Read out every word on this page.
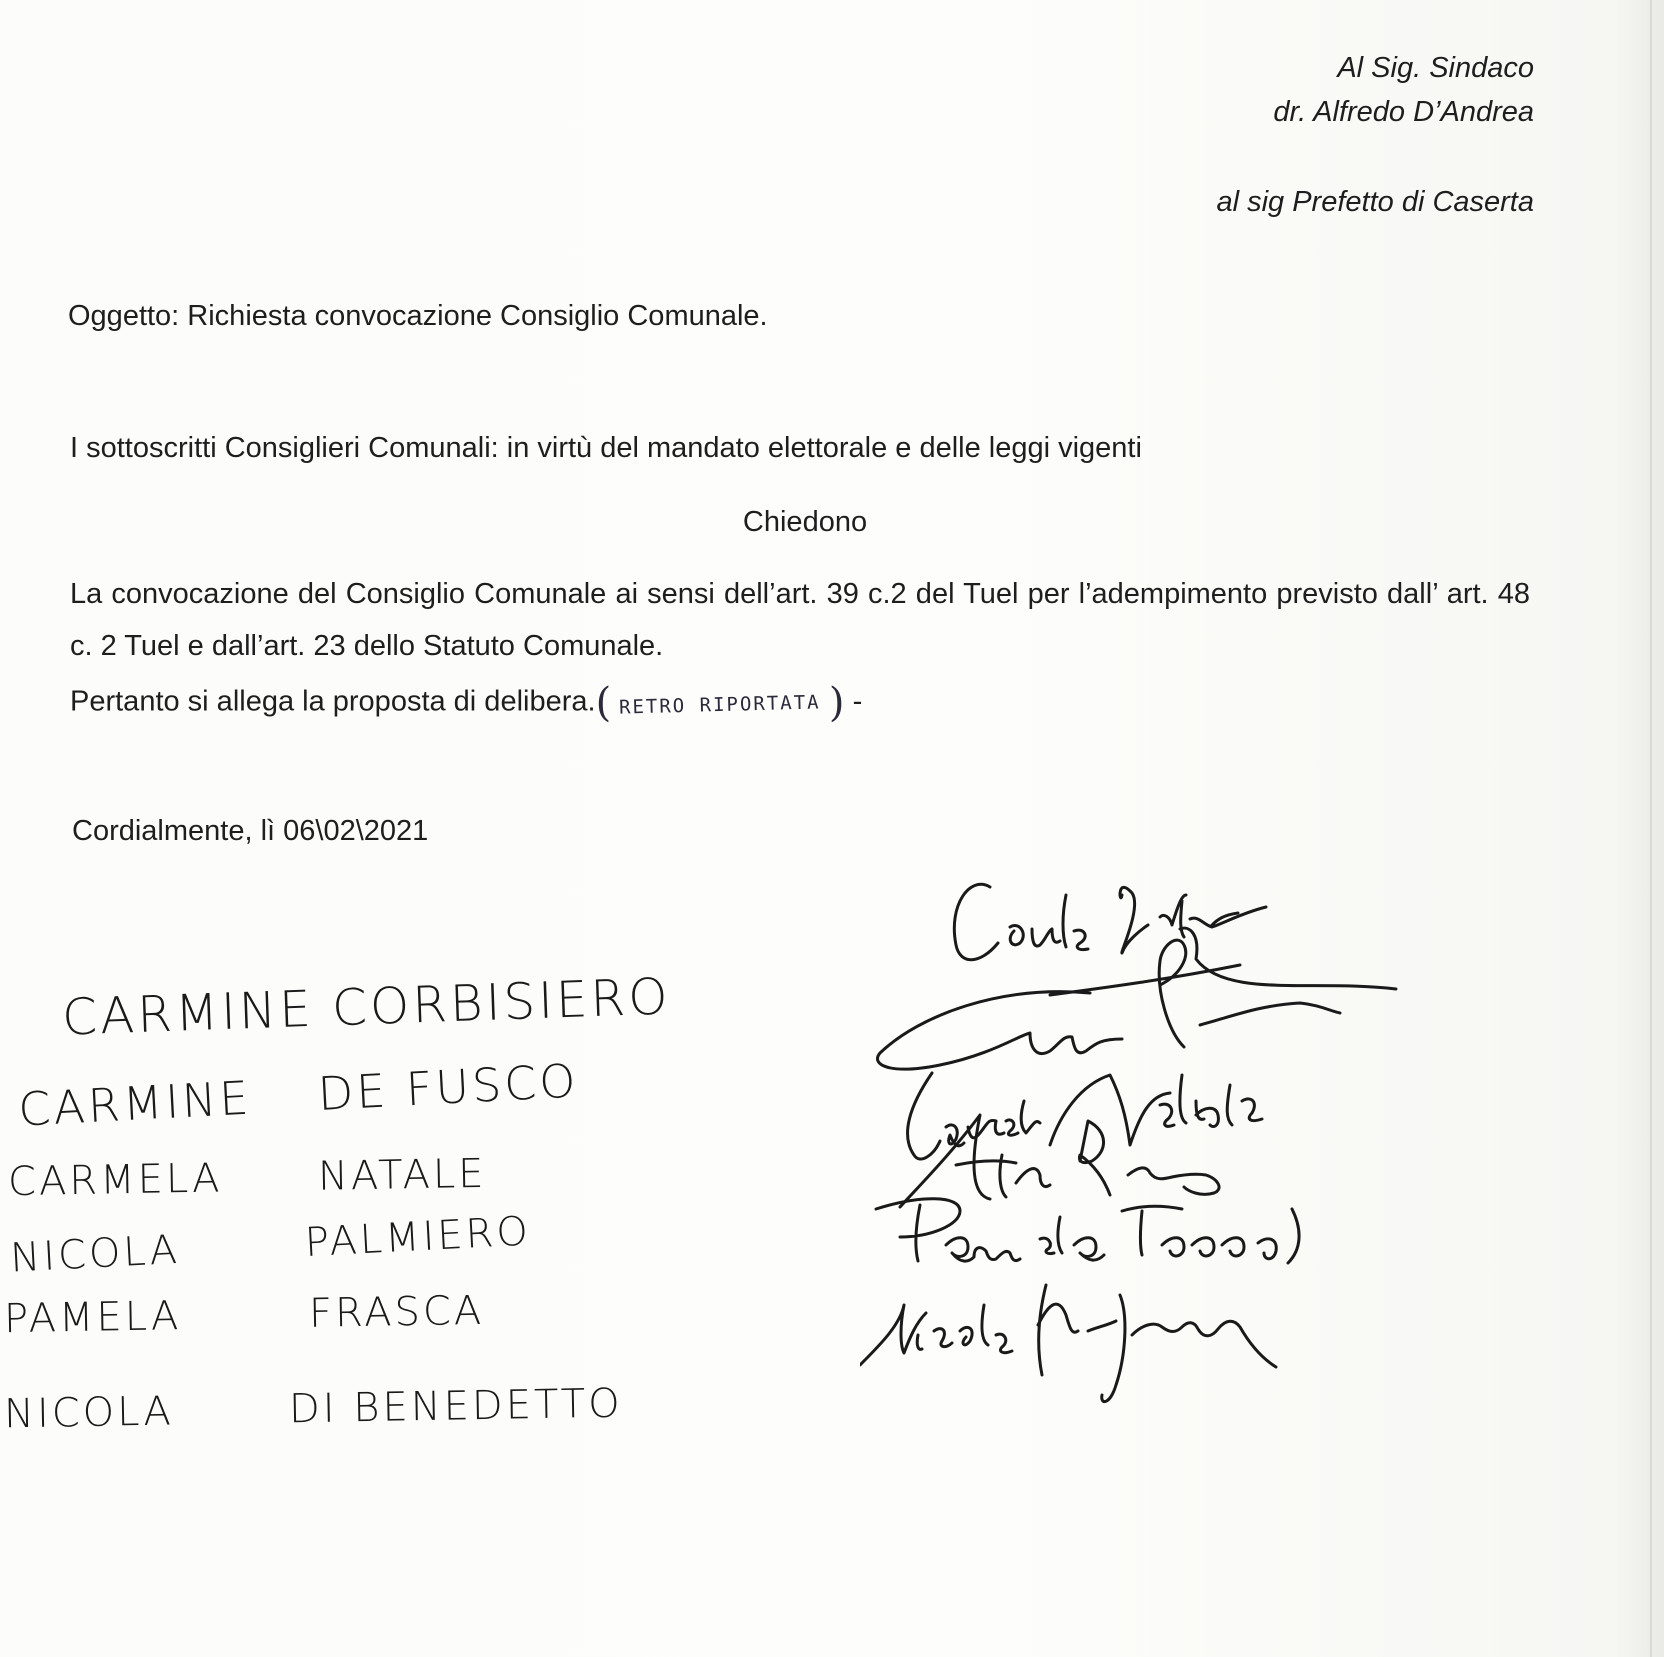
Al Sig. Sindaco
dr. Alfredo D’Andrea
al sig Prefetto di Caserta
Oggetto: Richiesta convocazione Consiglio Comunale.
I sottoscritti Consiglieri Comunali: in virtù del mandato elettorale e delle leggi vigenti
Chiedono
La convocazione del Consiglio Comunale ai sensi dell’art. 39 c.2 del Tuel per l’adempimento previsto dall’ art. 48 c. 2 Tuel e dall’art. 23 dello Statuto Comunale.
Pertanto si allega la proposta di delibera.( RETRO RIPORTATA ) -
Cordialmente, lì 06\02\2021
CARMINE CORBISIERO
CARMINE DE FUSCO
CARMELA NATALE
NICOLA	PALMIERO
PAMELA	FRASCA
NICOLA	DI BENEDETTO
